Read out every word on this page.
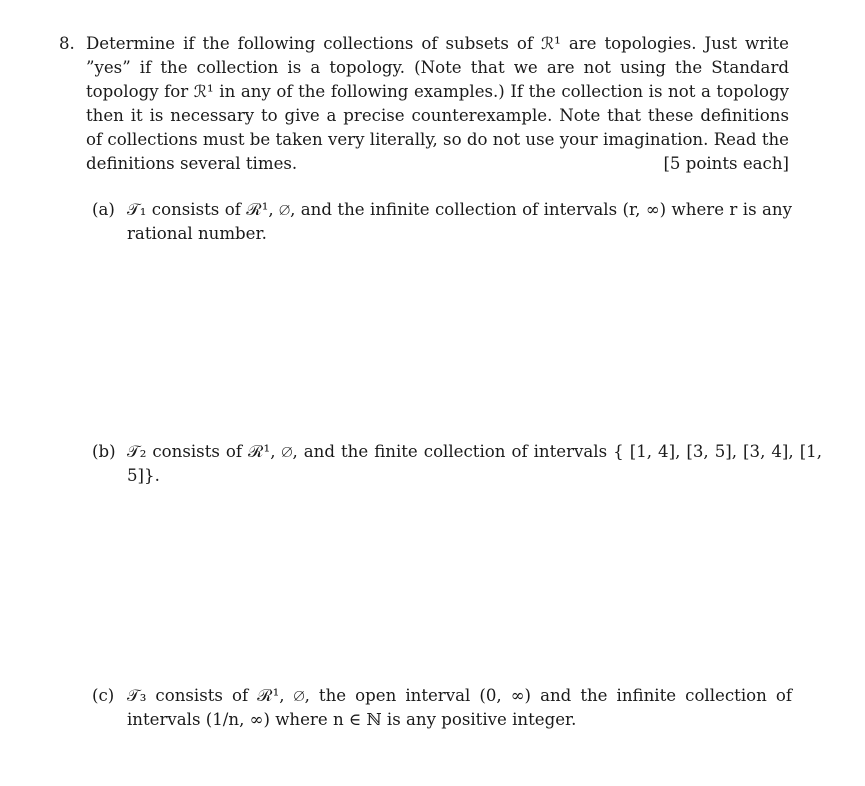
8. Determine if the following collections of subsets of ℛ¹ are topologies. Just write ”yes” if the collection is a topology. (Note that we are not using the Standard topology for ℛ¹ in any of the following examples.) If the collection is not a topology then it is necessary to give a precise counterexample. Note that these definitions of collections must be taken very literally, so do not use your imagination. Read the definitions several times.	[5 points each]
(a) 𝒯₁ consists of ℛ¹, ∅, and the infinite collection of intervals (r, ∞) where r is any rational number.
(b) 𝒯₂ consists of ℛ¹, ∅, and the finite collection of intervals { [1, 4], [3, 5], [3, 4], [1, 5]}.
(c) 𝒯₃ consists of ℛ¹, ∅, the open interval (0, ∞) and the infinite collection of intervals (1/n, ∞) where n ∈ ℕ is any positive integer.
